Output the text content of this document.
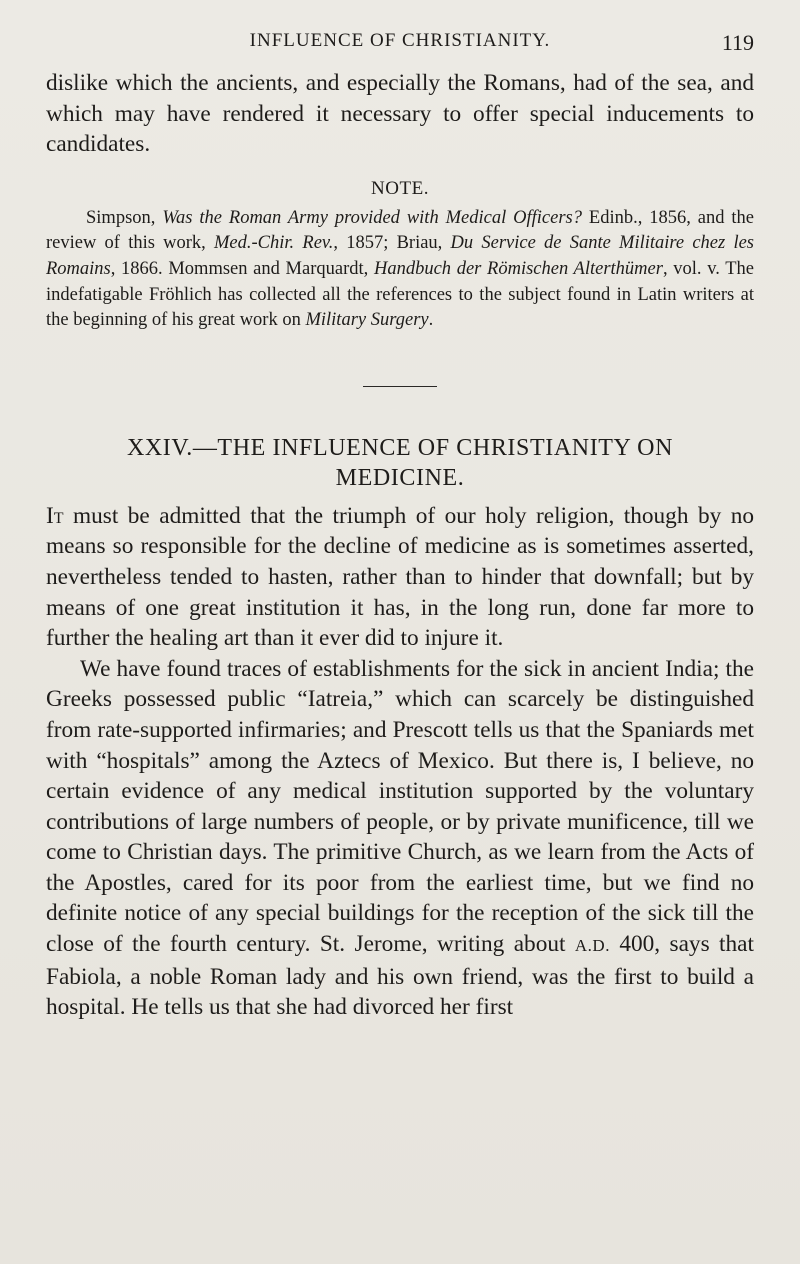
INFLUENCE OF CHRISTIANITY.	119

dislike which the ancients, and especially the Romans, had of the sea, and which may have rendered it necessary to offer special inducements to candidates.

NOTE.

Simpson, Was the Roman Army provided with Medical Officers? Edinb., 1856, and the review of this work, Med.-Chir. Rev., 1857; Briau, Du Service de Sante Militaire chez les Romains, 1866. Mommsen and Marquardt, Handbuch der Römischen Alterthümer, vol. v. The indefatigable Fröhlich has collected all the references to the subject found in Latin writers at the beginning of his great work on Military Surgery.

XXIV.—THE INFLUENCE OF CHRISTIANITY ON
MEDICINE.

It must be admitted that the triumph of our holy religion, though by no means so responsible for the decline of medicine as is sometimes asserted, nevertheless tended to hasten, rather than to hinder that downfall; but by means of one great institution it has, in the long run, done far more to further the healing art than it ever did to injure it.

We have found traces of establishments for the sick in ancient India; the Greeks possessed public “Iatreia,” which can scarcely be distinguished from rate-supported infirmaries; and Prescott tells us that the Spaniards met with “hospitals” among the Aztecs of Mexico. But there is, I believe, no certain evidence of any medical institution supported by the voluntary contributions of large numbers of people, or by private munificence, till we come to Christian days. The primitive Church, as we learn from the Acts of the Apostles, cared for its poor from the earliest time, but we find no definite notice of any special buildings for the reception of the sick till the close of the fourth century. St. Jerome, writing about A.D. 400, says that Fabiola, a noble Roman lady and his own friend, was the first to build a hospital. He tells us that she had divorced her first
